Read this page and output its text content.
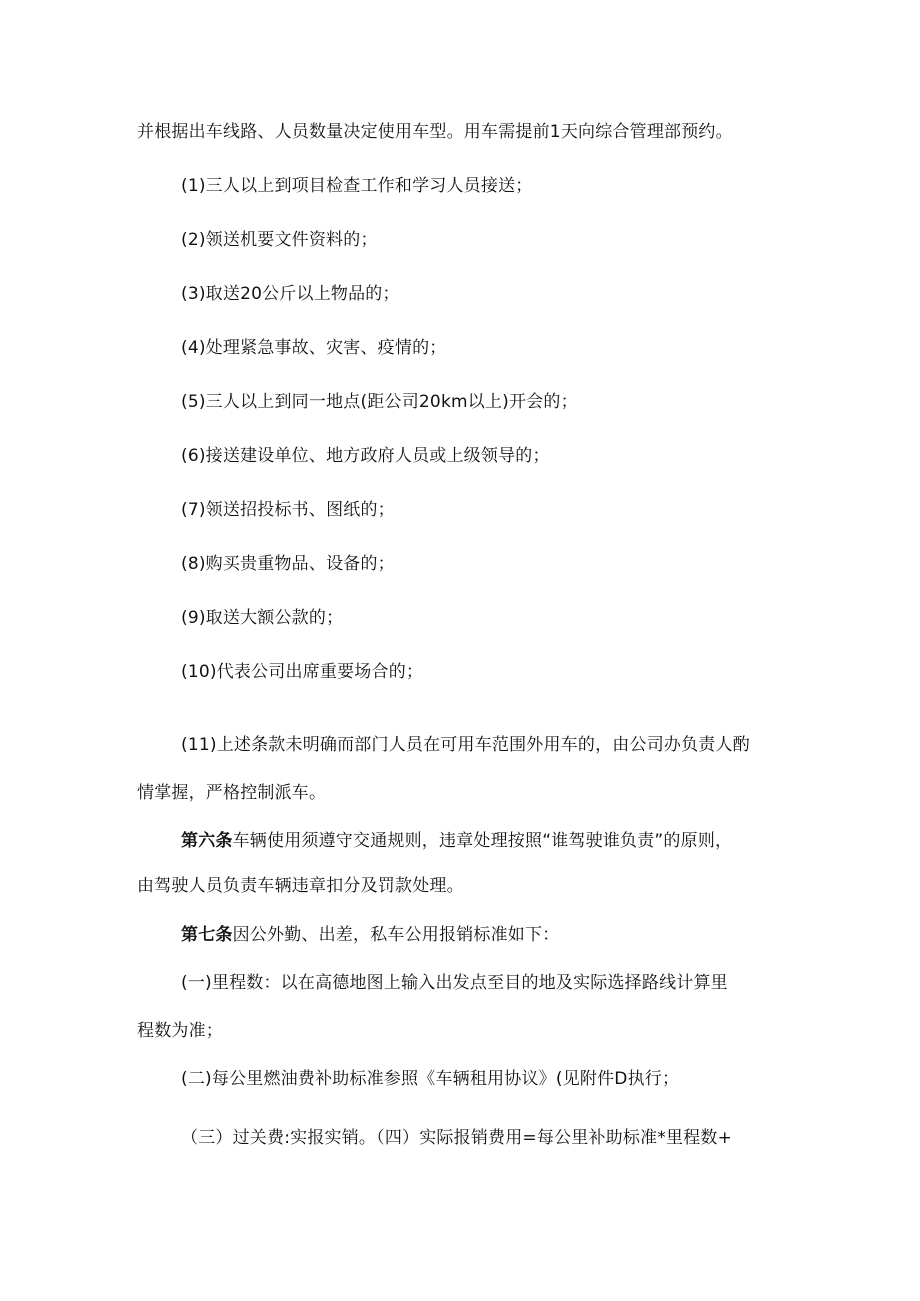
并根据出车线路、人员数量决定使用车型。用车需提前1天向综合管理部预约。
(1)三人以上到项目检查工作和学习人员接送；
(2)领送机要文件资料的；
(3)取送20公斤以上物品的；
(4)处理紧急事故、灾害、疫情的；
(5)三人以上到同一地点(距公司20km以上)开会的；
(6)接送建设单位、地方政府人员或上级领导的；
(7)领送招投标书、图纸的；
(8)购买贵重物品、设备的；
(9)取送大额公款的；
(10)代表公司出席重要场合的；
(11)上述条款未明确而部门人员在可用车范围外用车的，由公司办负责人酌
情掌握，严格控制派车。
第六条车辆使用须遵守交通规则，违章处理按照“谁驾驶谁负责”的原则，
由驾驶人员负责车辆违章扣分及罚款处理。
第七条因公外勤、出差，私车公用报销标准如下：
(一)里程数：以在高德地图上输入出发点至目的地及实际选择路线计算里
程数为准；
(二)每公里燃油费补助标准参照《车辆租用协议》(见附件D执行；
（三）过关费:实报实销。（四）实际报销费用=每公里补助标准*里程数+
